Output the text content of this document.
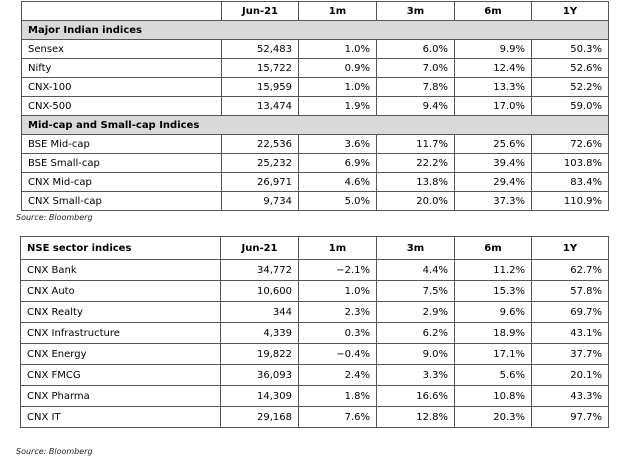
	Jun-21	1m	3m	6m	1Y
Major Indian indices					
Sensex	52,483	1.0%	6.0%	9.9%	50.3%
Nifty	15,722	0.9%	7.0%	12.4%	52.6%
CNX-100	15,959	1.0%	7.8%	13.3%	52.2%
CNX-500	13,474	1.9%	9.4%	17.0%	59.0%
Mid-cap and Small-cap Indices					
BSE Mid-cap	22,536	3.6%	11.7%	25.6%	72.6%
BSE Small-cap	25,232	6.9%	22.2%	39.4%	103.8%
CNX Mid-cap	26,971	4.6%	13.8%	29.4%	83.4%
CNX Small-cap	9,734	5.0%	20.0%	37.3%	110.9%
Source: Bloomberg
NSE sector indices	Jun-21	1m	3m	6m	1Y
CNX Bank	34,772	−2.1%	4.4%	11.2%	62.7%
CNX Auto	10,600	1.0%	7.5%	15.3%	57.8%
CNX Realty	344	2.3%	2.9%	9.6%	69.7%
CNX Infrastructure	4,339	0.3%	6.2%	18.9%	43.1%
CNX Energy	19,822	−0.4%	9.0%	17.1%	37.7%
CNX FMCG	36,093	2.4%	3.3%	5.6%	20.1%
CNX Pharma	14,309	1.8%	16.6%	10.8%	43.3%
CNX IT	29,168	7.6%	12.8%	20.3%	97.7%
Source: Bloomberg
